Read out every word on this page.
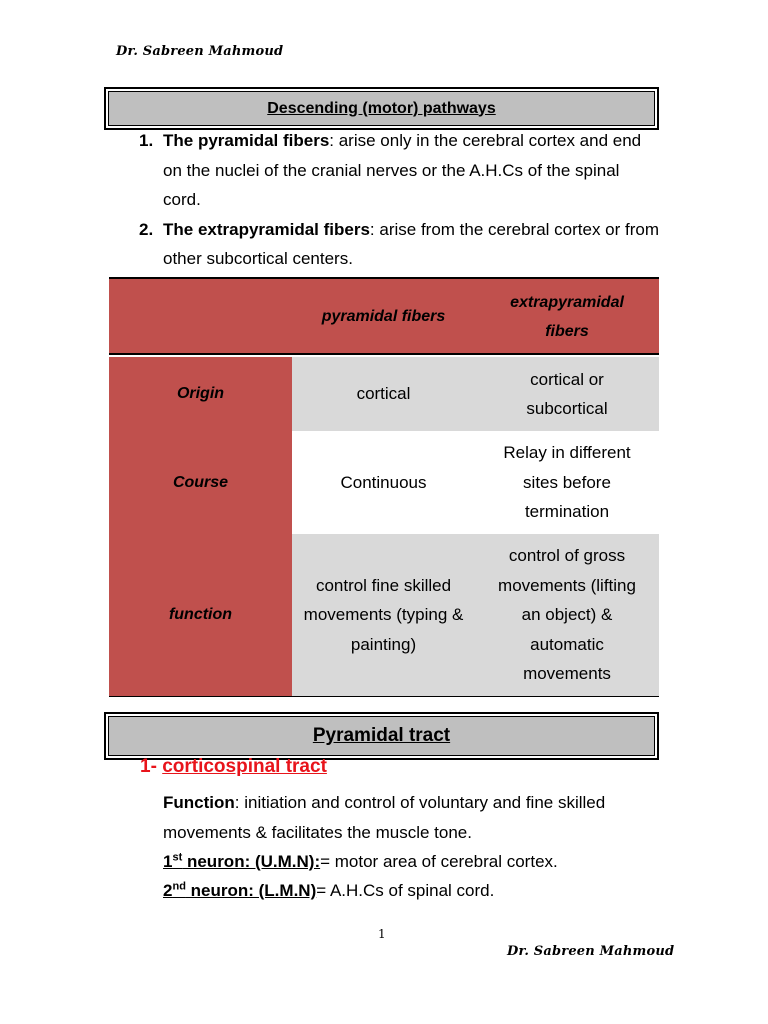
Dr. Sabreen Mahmoud
Descending (motor) pathways
1. The pyramidal fibers: arise only in the cerebral cortex and end on the nuclei of the cranial nerves or the A.H.Cs of the spinal cord.
2. The extrapyramidal fibers: arise from the cerebral cortex or from other subcortical centers.
pyramidal fibers
extrapyramidal fibers
Origin	cortical
cortical or subcortical
Course	Continuous
Relay in different sites before termination
function
control fine skilled movements (typing & painting)
control of gross movements (lifting an object) & automatic movements
Pyramidal tract
1- corticospinal tract
Function: initiation and control of voluntary and fine skilled movements & facilitates the muscle tone.
1st neuron: (U.M.N):= motor area of cerebral cortex.
2nd neuron: (L.M.N)= A.H.Cs of spinal cord.
1
Dr. Sabreen Mahmoud
